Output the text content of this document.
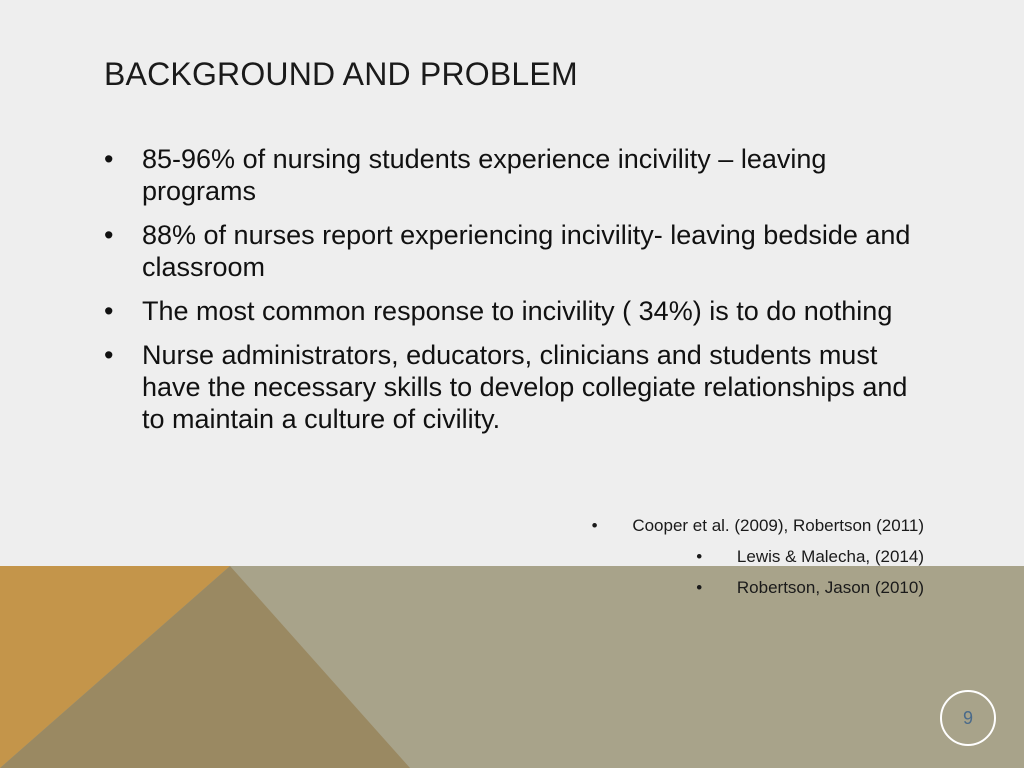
BACKGROUND AND PROBLEM
•	85-96% of nursing students experience incivility – leaving programs
•	88% of nurses report experiencing incivility- leaving bedside and classroom
•	The most common response to incivility ( 34%) is to do nothing
•	Nurse administrators, educators, clinicians and students must have the necessary skills to develop collegiate relationships and to maintain a culture of civility.
• Cooper et al. (2009), Robertson (2011)
• Lewis & Malecha, (2014)
• Robertson, Jason (2010)
9
